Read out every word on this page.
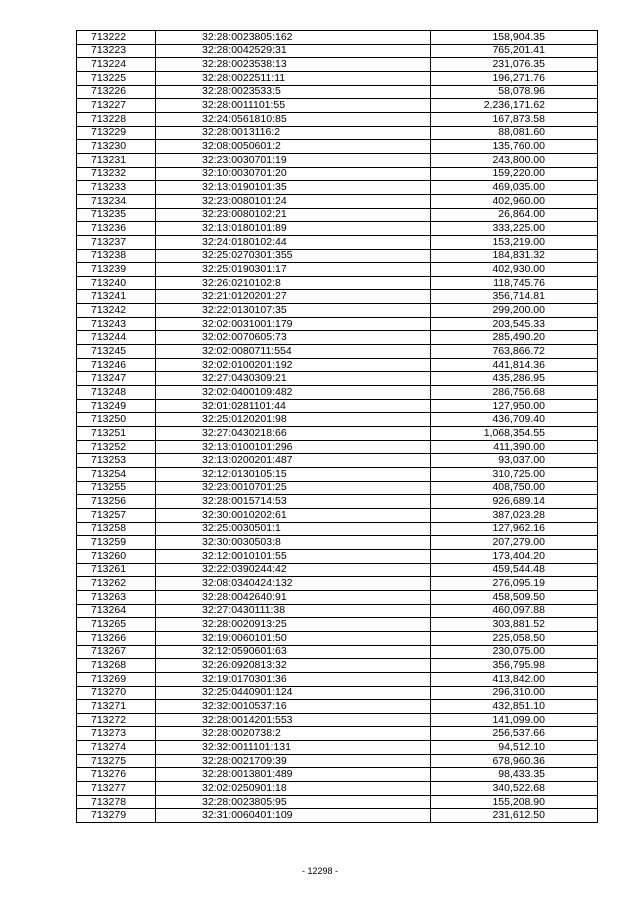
713222	32:28:0023805:162	158,904.35
713223	32:28:0042529:31	765,201.41
713224	32:28:0023538:13	231,076.35
713225	32:28:0022511:11	196,271.76
713226	32:28:0023533:5	58,078.96
713227	32:28:0011101:55	2,236,171.62
713228	32:24:0561810:85	167,873.58
713229	32:28:0013116:2	88,081.60
713230	32:08:0050601:2	135,760.00
713231	32:23:0030701:19	243,800.00
713232	32:10:0030701:20	159,220.00
713233	32:13:0190101:35	469,035.00
713234	32:23:0080101:24	402,960.00
713235	32:23:0080102:21	26,864.00
713236	32:13:0180101:89	333,225.00
713237	32:24:0180102:44	153,219.00
713238	32:25:0270301:355	184,831.32
713239	32:25:0190301:17	402,930.00
713240	32:26:0210102:8	118,745.76
713241	32:21:0120201:27	356,714.81
713242	32:22:0130107:35	299,200.00
713243	32:02:0031001:179	203,545.33
713244	32:02:0070605:73	285,490.20
713245	32:02:0080711:554	763,866.72
713246	32:02:0100201:192	441,814.36
713247	32:27:0430309:21	435,286.95
713248	32:02:0400109:482	286,756.68
713249	32:01:0281101:44	127,950.00
713250	32:25:0120201:98	436,709.40
713251	32:27:0430218:66	1,068,354.55
713252	32:13:0100101:296	411,390.00
713253	32:13:0200201:487	93,037.00
713254	32:12:0130105:15	310,725.00
713255	32:23:0010701:25	408,750.00
713256	32:28:0015714:53	926,689.14
713257	32:30:0010202:61	387,023.28
713258	32:25:0030501:1	127,962.16
713259	32:30:0030503:8	207,279.00
713260	32:12:0010101:55	173,404.20
713261	32:22:0390244:42	459,544.48
713262	32:08:0340424:132	276,095.19
713263	32:28:0042640:91	458,509.50
713264	32:27:0430111:38	460,097.88
713265	32:28:0020913:25	303,881.52
713266	32:19:0060101:50	225,058.50
713267	32:12:0590601:63	230,075.00
713268	32:26:0920813:32	356,795.98
713269	32:19:0170301:36	413,842.00
713270	32:25:0440901:124	296,310.00
713271	32:32:0010537:16	432,851.10
713272	32:28:0014201:553	141,099.00
713273	32:28:0020738:2	256,537.66
713274	32:32:0011101:131	94,512.10
713275	32:28:0021709:39	678,960.36
713276	32:28:0013801:489	98,433.35
713277	32:02:0250901:18	340,522.68
713278	32:28:0023805:95	155,208.90
713279	32:31:0060401:109	231,612.50
- 12298 -
